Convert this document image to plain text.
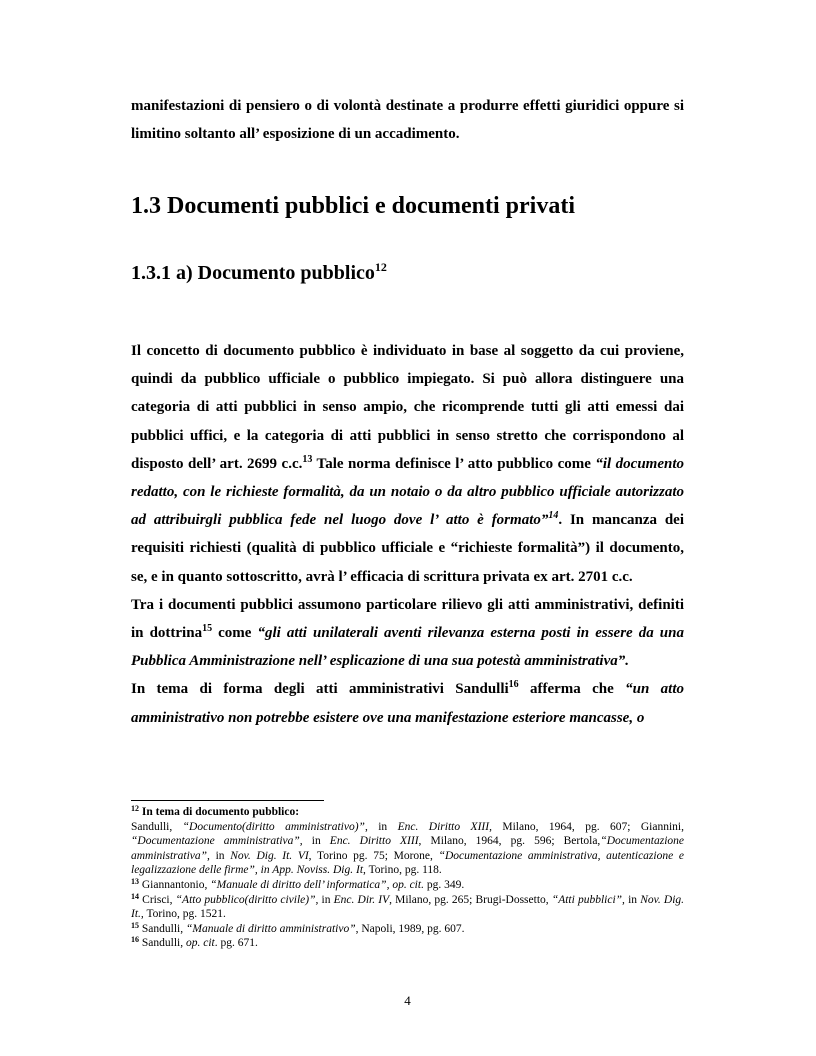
manifestazioni di pensiero o di volontà destinate a produrre effetti giuridici oppure si limitino soltanto all’ esposizione di un accadimento.

1.3 Documenti pubblici e documenti privati
1.3.1 a) Documento pubblico$^{12}$

Il concetto di documento pubblico è individuato in base al soggetto da cui proviene, quindi da pubblico ufficiale o pubblico impiegato. Si può allora distinguere una categoria di atti pubblici in senso ampio, che ricomprende tutti gli atti emessi dai pubblici uffici, e la categoria di atti pubblici in senso stretto che corrispondono al disposto dell’ art. 2699 c.c.$^{13}$ Tale norma definisce l’ atto pubblico come “il documento redatto, con le richieste formalità, da un notaio o da altro pubblico ufficiale autorizzato ad attribuirgli pubblica fede nel luogo dove l’ atto è formato”$^{14}$. In mancanza dei requisiti richiesti (qualità di pubblico ufficiale e “richieste formalità”) il documento, se, e in quanto sottoscritto, avrà l’ efficacia di scrittura privata ex art. 2701 c.c.

Tra i documenti pubblici assumono particolare rilievo gli atti amministrativi, definiti in dottrina$^{15}$ come “gli atti unilaterali aventi rilevanza esterna posti in essere da una Pubblica Amministrazione nell’ esplicazione di una sua potestà amministrativa”.

In tema di forma degli atti amministrativi Sandulli$^{16}$ afferma che “un atto amministrativo non potrebbe esistere ove una manifestazione esteriore mancasse, o

$^{12}$ In tema di documento pubblico:
Sandulli, “Documento(diritto amministrativo)”, in Enc. Diritto XIII, Milano, 1964, pg. 607; Giannini, “Documentazione amministrativa”, in Enc. Diritto XIII, Milano, 1964, pg. 596; Bertola,“Documentazione amministrativa”, in Nov. Dig. It. VI, Torino pg. 75; Morone, “Documentazione amministrativa, autenticazione e legalizzazione delle firme”, in App. Noviss. Dig. It, Torino, pg. 118.

$^{13}$ Giannantonio, “Manuale di diritto dell’ informatica”, op. cit. pg. 349.

$^{14}$ Crisci, “Atto pubblico(diritto civile)”, in Enc. Dir. IV, Milano, pg. 265; Brugi-Dossetto, “Atti pubblici”, in Nov. Dig. It., Torino, pg. 1521.

$^{15}$ Sandulli, “Manuale di diritto amministrativo”, Napoli, 1989, pg. 607.

$^{16}$ Sandulli, op. cit. pg. 671.

4
